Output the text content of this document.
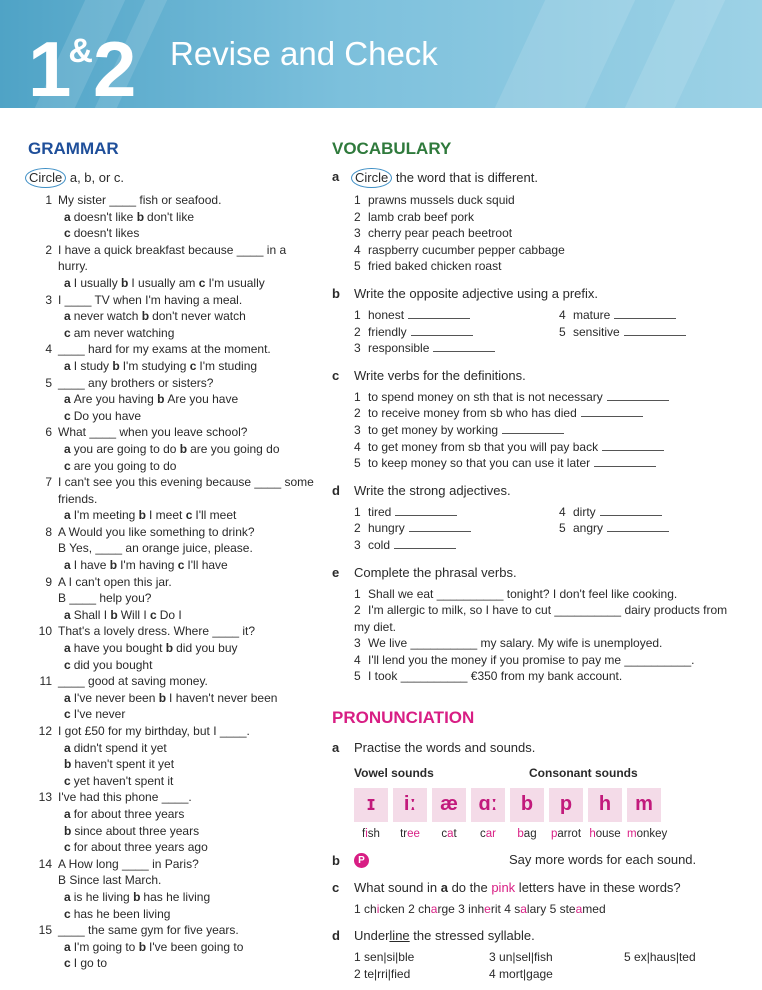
1&2 Revise and Check
GRAMMAR
Circle a, b, or c.
1 My sister ____ fish or seafood.
a doesn't like b don't like
c doesn't likes
2 I have a quick breakfast because ____ in a hurry.
a I usually b I usually am c I'm usually
3 I ____ TV when I'm having a meal.
a never watch b don't never watch
c am never watching
4 ____ hard for my exams at the moment.
a I study b I'm studying c I'm studing
5 ____ any brothers or sisters?
a Are you having b Are you have
c Do you have
6 What ____ when you leave school?
a you are going to do b are you going do
c are you going to do
7 I can't see you this evening because ____ some friends.
a I'm meeting b I meet c I'll meet
8 A Would you like something to drink?
B Yes, ____ an orange juice, please.
a I have b I'm having c I'll have
9 A I can't open this jar.
B ____ help you?
a Shall I b Will I c Do I
10 That's a lovely dress. Where ____ it?
a have you bought b did you buy
c did you bought
11 ____ good at saving money.
a I've never been b I haven't never been
c I've never
12 I got £50 for my birthday, but I ____.
a didn't spend it yet
b haven't spent it yet
c yet haven't spent it
13 I've had this phone ____.
a for about three years
b since about three years
c for about three years ago
14 A How long ____ in Paris?
B Since last March.
a is he living b has he living
c has he been living
15 ____ the same gym for five years.
a I'm going to b I've been going to
c I go to
VOCABULARY
a	Circle the word that is different.
1 prawns mussels duck squid
2 lamb crab beef pork
3 cherry pear peach beetroot
4 raspberry cucumber pepper cabbage
5 fried baked chicken roast
b	Write the opposite adjective using a prefix.
1 honest
2 friendly
3 responsible
4 mature
5 sensitive
c	Write verbs for the definitions.
1 to spend money on sth that is not necessary
2 to receive money from sb who has died
3 to get money by working
4 to get money from sb that you will pay back
5 to keep money so that you can use it later
d	Write the strong adjectives.
1 tired
2 hungry
3 cold
4 dirty
5 angry
e	Complete the phrasal verbs.
1 Shall we eat __________ tonight? I don't feel like cooking.
2 I'm allergic to milk, so I have to cut __________ dairy products from my diet.
3 We live __________ my salary. My wife is unemployed.
4 I'll lend you the money if you promise to pay me __________.
5 I took __________ €350 from my bank account.
PRONUNCIATION
a	Practise the words and sounds.
Vowel sounds	Consonant sounds
ɪ
fish
iː
tree
æ
cat
ɑː
car
b
bag
p
parrot
h
house
m
monkey
b	P	Say more words for each sound.
c	What sound in a do the pink letters have in these words?
1 chicken 2 charge 3 inherit 4 salary 5 steamed
d	Underline the stressed syllable.
1 sen|si|ble	3 un|sel|fish	5 ex|haus|ted
2 te|rri|fied	4 mort|gage
